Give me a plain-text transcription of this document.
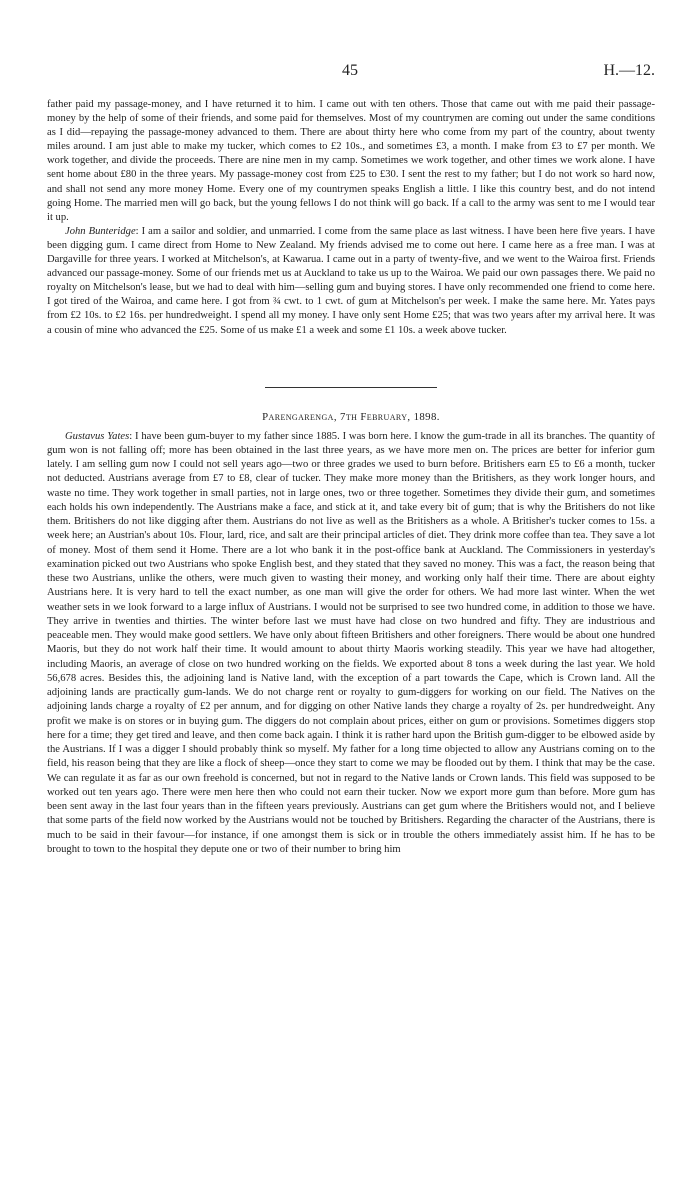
45	H.—12.

father paid my passage-money, and I have returned it to him. I came out with ten others. Those that came out with me paid their passage-money by the help of some of their friends, and some paid for themselves. Most of my countrymen are coming out under the same conditions as I did—repaying the passage-money advanced to them. There are about thirty here who come from my part of the country, about twenty miles around. I am just able to make my tucker, which comes to £2 10s., and sometimes £3, a month. I make from £3 to £7 per month. We work together, and divide the proceeds. There are nine men in my camp. Sometimes we work together, and other times we work alone. I have sent home about £80 in the three years. My passage-money cost from £25 to £30. I sent the rest to my father; but I do not work so hard now, and shall not send any more money Home. Every one of my countrymen speaks English a little. I like this country best, and do not intend going Home. The married men will go back, but the young fellows I do not think will go back. If a call to the army was sent to me I would tear it up.

John Bunteridge: I am a sailor and soldier, and unmarried. I come from the same place as last witness. I have been here five years. I have been digging gum. I came direct from Home to New Zealand. My friends advised me to come out here. I came here as a free man. I was at Dargaville for three years. I worked at Mitchelson's, at Kawarua. I came out in a party of twenty-five, and we went to the Wairoa first. Friends advanced our passage-money. Some of our friends met us at Auckland to take us up to the Wairoa. We paid our own passages there. We paid no royalty on Mitchelson's lease, but we had to deal with him—selling gum and buying stores. I have only recommended one friend to come here. I got tired of the Wairoa, and came here. I got from ¾ cwt. to 1 cwt. of gum at Mitchelson's per week. I make the same here. Mr. Yates pays from £2 10s. to £2 16s. per hundredweight. I spend all my money. I have only sent Home £25; that was two years after my arrival here. It was a cousin of mine who advanced the £25. Some of us make £1 a week and some £1 10s. a week above tucker.

Parengarenga, 7th February, 1898.

Gustavus Yates: I have been gum-buyer to my father since 1885. I was born here. I know the gum-trade in all its branches. The quantity of gum won is not falling off; more has been obtained in the last three years, as we have more men on. The prices are better for inferior gum lately. I am selling gum now I could not sell years ago—two or three grades we used to burn before. Britishers earn £5 to £6 a month, tucker not deducted. Austrians average from £7 to £8, clear of tucker. They make more money than the Britishers, as they work longer hours, and waste no time. They work together in small parties, not in large ones, two or three together. Sometimes they divide their gum, and sometimes each holds his own independently. The Austrians make a face, and stick at it, and take every bit of gum; that is why the Britishers do not like them. Britishers do not like digging after them. Austrians do not live as well as the Britishers as a whole. A Britisher's tucker comes to 15s. a week here; an Austrian's about 10s. Flour, lard, rice, and salt are their principal articles of diet. They drink more coffee than tea. They save a lot of money. Most of them send it Home. There are a lot who bank it in the post-office bank at Auckland. The Commissioners in yesterday's examination picked out two Austrians who spoke English best, and they stated that they saved no money. This was a fact, the reason being that these two Austrians, unlike the others, were much given to wasting their money, and working only half their time. There are about eighty Austrians here. It is very hard to tell the exact number, as one man will give the order for others. We had more last winter. When the wet weather sets in we look forward to a large influx of Austrians. I would not be surprised to see two hundred come, in addition to those we have. They arrive in twenties and thirties. The winter before last we must have had close on two hundred and fifty. They are industrious and peaceable men. They would make good settlers. We have only about fifteen Britishers and other foreigners. There would be about one hundred Maoris, but they do not work half their time. It would amount to about thirty Maoris working steadily. This year we have had altogether, including Maoris, an average of close on two hundred working on the fields. We exported about 8 tons a week during the last year. We hold 56,678 acres. Besides this, the adjoining land is Native land, with the exception of a part towards the Cape, which is Crown land. All the adjoining lands are practically gum-lands. We do not charge rent or royalty to gum-diggers for working on our field. The Natives on the adjoining lands charge a royalty of £2 per annum, and for digging on other Native lands they charge a royalty of 2s. per hundredweight. Any profit we make is on stores or in buying gum. The diggers do not complain about prices, either on gum or provisions. Sometimes diggers stop here for a time; they get tired and leave, and then come back again. I think it is rather hard upon the British gum-digger to be elbowed aside by the Austrians. If I was a digger I should probably think so myself. My father for a long time objected to allow any Austrians coming on to the field, his reason being that they are like a flock of sheep—once they start to come we may be flooded out by them. I think that may be the case. We can regulate it as far as our own freehold is concerned, but not in regard to the Native lands or Crown lands. This field was supposed to be worked out ten years ago. There were men here then who could not earn their tucker. Now we export more gum than before. More gum has been sent away in the last four years than in the fifteen years previously. Austrians can get gum where the Britishers would not, and I believe that some parts of the field now worked by the Austrians would not be touched by Britishers. Regarding the character of the Austrians, there is much to be said in their favour—for instance, if one amongst them is sick or in trouble the others immediately assist him. If he has to be brought to town to the hospital they depute one or two of their number to bring him
